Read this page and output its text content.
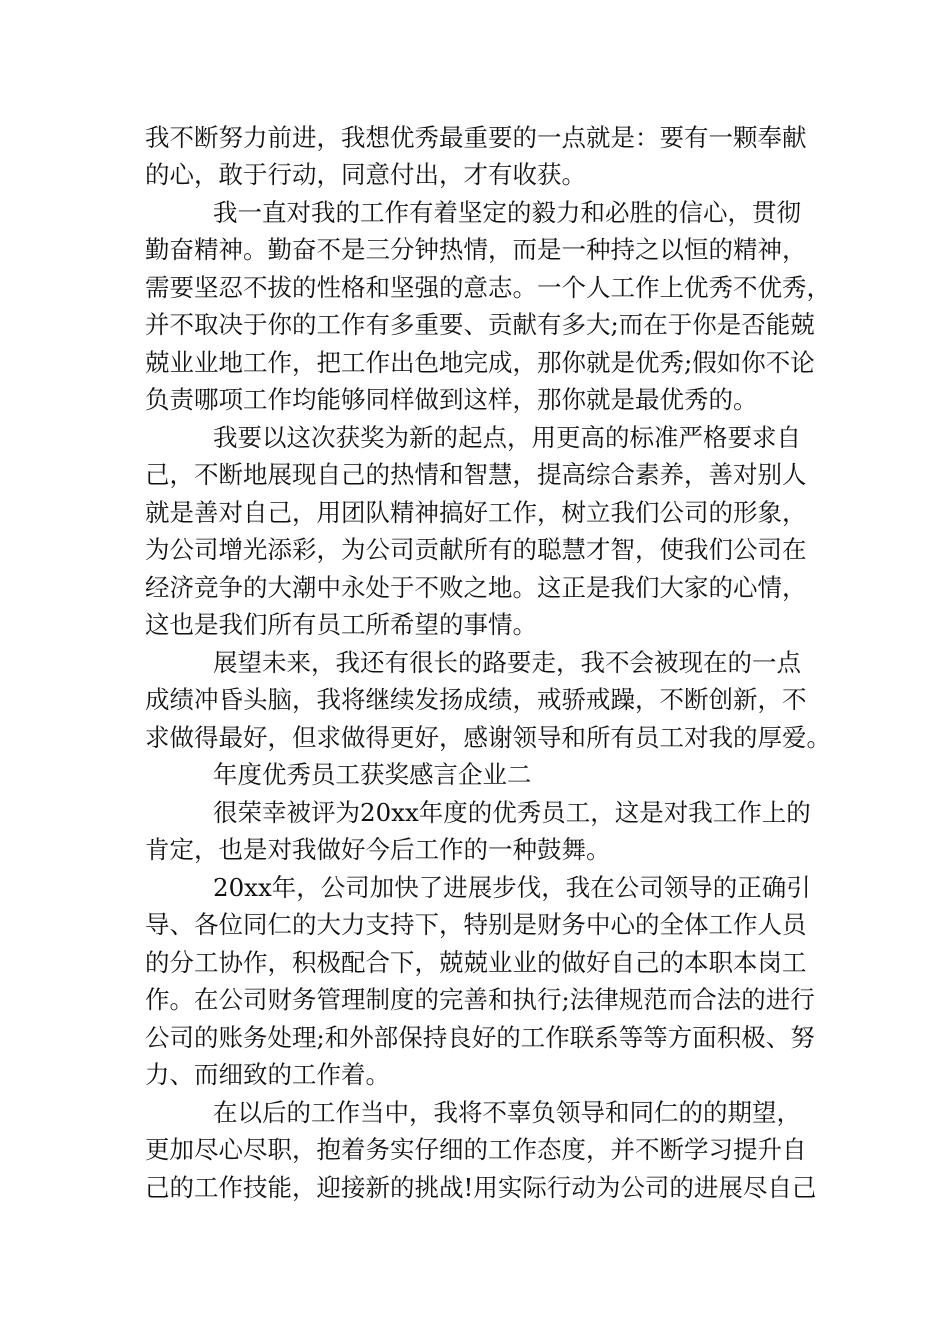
我不断努力前进，我想优秀最重要的一点就是：要有一颗奉献
的心，敢于行动，同意付出，才有收获。
我一直对我的工作有着坚定的毅力和必胜的信心，贯彻
勤奋精神。勤奋不是三分钟热情，而是一种持之以恒的精神，
需要坚忍不拔的性格和坚强的意志。一个人工作上优秀不优秀，
并不取决于你的工作有多重要、贡献有多大;而在于你是否能兢
兢业业地工作，把工作出色地完成，那你就是优秀;假如你不论
负责哪项工作均能够同样做到这样，那你就是最优秀的。
我要以这次获奖为新的起点，用更高的标准严格要求自
己，不断地展现自己的热情和智慧，提高综合素养，善对别人
就是善对自己，用团队精神搞好工作，树立我们公司的形象，
为公司增光添彩，为公司贡献所有的聪慧才智，使我们公司在
经济竞争的大潮中永处于不败之地。这正是我们大家的心情，
这也是我们所有员工所希望的事情。
展望未来，我还有很长的路要走，我不会被现在的一点
成绩冲昏头脑，我将继续发扬成绩，戒骄戒躁，不断创新，不
求做得最好，但求做得更好，感谢领导和所有员工对我的厚爱。
年度优秀员工获奖感言企业二
很荣幸被评为20xx年度的优秀员工，这是对我工作上的
肯定，也是对我做好今后工作的一种鼓舞。
20xx年，公司加快了进展步伐，我在公司领导的正确引
导、各位同仁的大力支持下，特别是财务中心的全体工作人员
的分工协作，积极配合下，兢兢业业的做好自己的本职本岗工
作。在公司财务管理制度的完善和执行;法律规范而合法的进行
公司的账务处理;和外部保持良好的工作联系等等方面积极、努
力、而细致的工作着。
在以后的工作当中，我将不辜负领导和同仁的的期望，
更加尽心尽职，抱着务实仔细的工作态度，并不断学习提升自
己的工作技能，迎接新的挑战!用实际行动为公司的进展尽自己
